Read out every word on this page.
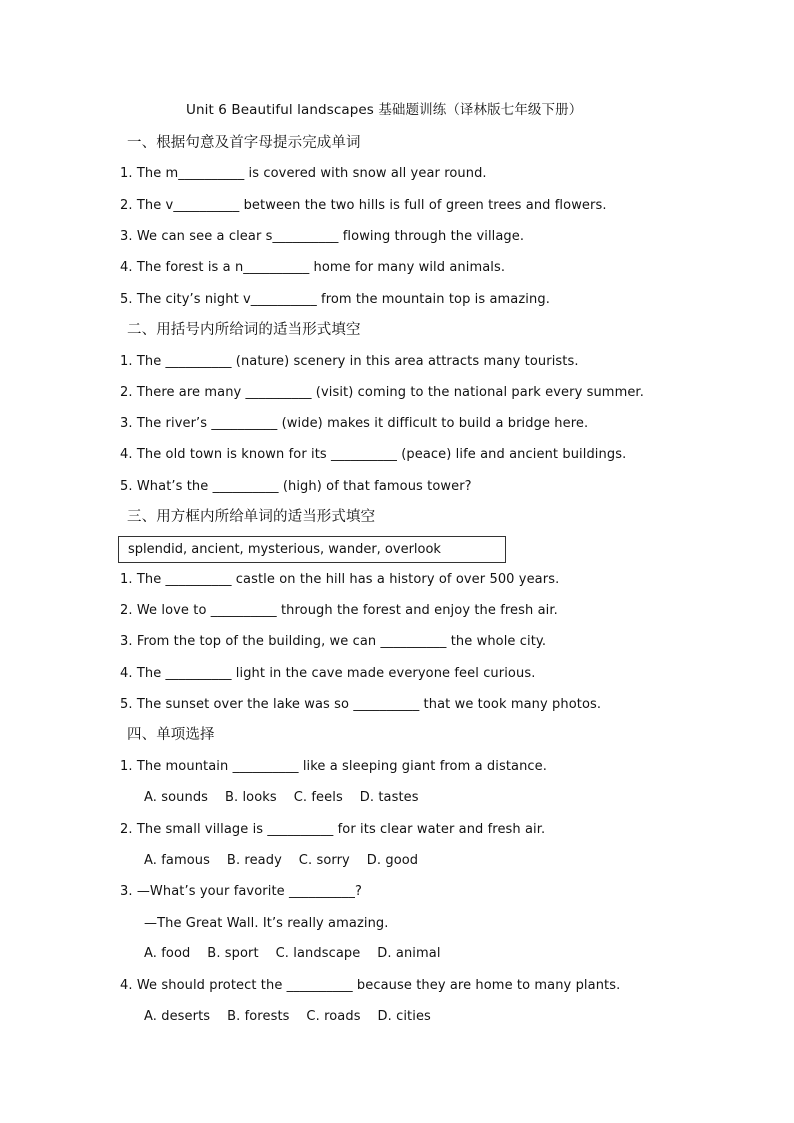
Unit 6 Beautiful landscapes 基础题训练（译林版七年级下册）
一、根据句意及首字母提示完成单词
1. The m__________ is covered with snow all year round.
2. The v__________ between the two hills is full of green trees and flowers.
3. We can see a clear s__________ flowing through the village.
4. The forest is a n__________ home for many wild animals.
5. The city’s night v__________ from the mountain top is amazing.
二、用括号内所给词的适当形式填空
1. The __________ (nature) scenery in this area attracts many tourists.
2. There are many __________ (visit) coming to the national park every summer.
3. The river’s __________ (wide) makes it difficult to build a bridge here.
4. The old town is known for its __________ (peace) life and ancient buildings.
5. What’s the __________ (high) of that famous tower?
三、用方框内所给单词的适当形式填空
splendid, ancient, mysterious, wander, overlook
1. The __________ castle on the hill has a history of over 500 years.
2. We love to __________ through the forest and enjoy the fresh air.
3. From the top of the building, we can __________ the whole city.
4. The __________ light in the cave made everyone feel curious.
5. The sunset over the lake was so __________ that we took many photos.
四、单项选择
1. The mountain __________ like a sleeping giant from a distance.
A. sounds    B. looks    C. feels    D. tastes
2. The small village is __________ for its clear water and fresh air.
A. famous    B. ready    C. sorry    D. good
3. —What’s your favorite __________?
—The Great Wall. It’s really amazing.
A. food    B. sport    C. landscape    D. animal
4. We should protect the __________ because they are home to many plants.
A. deserts    B. forests    C. roads    D. cities
